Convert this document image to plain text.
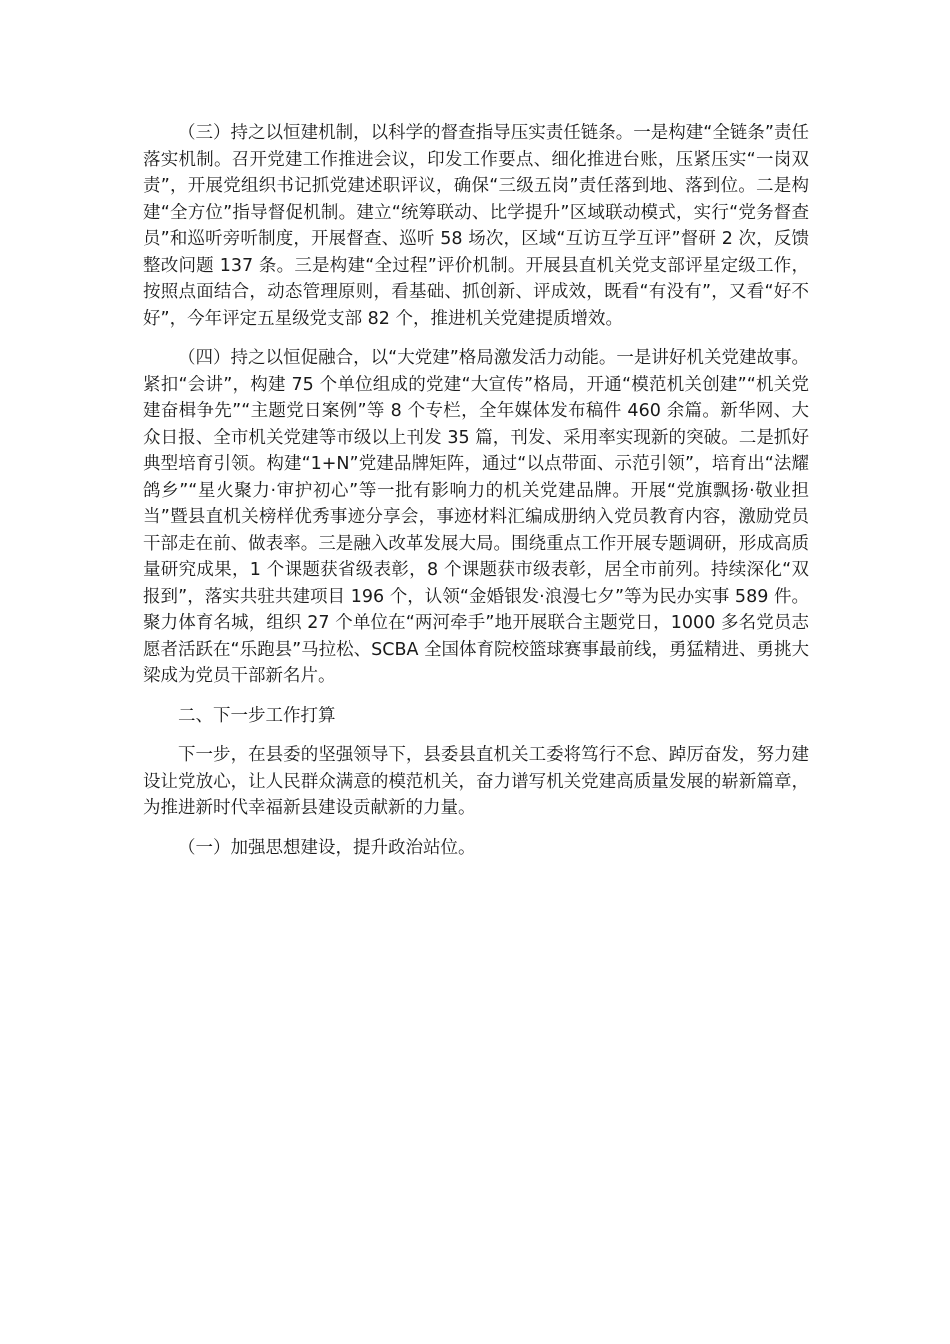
（三）持之以恒建机制，以科学的督查指导压实责任链条。一是构建“全链条”责任落实机制。召开党建工作推进会议，印发工作要点、细化推进台账，压紧压实“一岗双责”，开展党组织书记抓党建述职评议，确保“三级五岗”责任落到地、落到位。二是构建“全方位”指导督促机制。建立“统筹联动、比学提升”区域联动模式，实行“党务督查员”和巡听旁听制度，开展督查、巡听 58 场次，区域“互访互学互评”督研 2 次，反馈整改问题 137 条。三是构建“全过程”评价机制。开展县直机关党支部评星定级工作，按照点面结合，动态管理原则，看基础、抓创新、评成效，既看“有没有”，又看“好不好”，今年评定五星级党支部 82 个，推进机关党建提质增效。

（四）持之以恒促融合，以“大党建”格局激发活力动能。一是讲好机关党建故事。紧扣“会讲”，构建 75 个单位组成的党建“大宣传”格局，开通“模范机关创建”“机关党建奋楫争先”“主题党日案例”等 8 个专栏，全年媒体发布稿件 460 余篇。新华网、大众日报、全市机关党建等市级以上刊发 35 篇，刊发、采用率实现新的突破。二是抓好典型培育引领。构建“1+N”党建品牌矩阵，通过“以点带面、示范引领”，培育出“法耀鸽乡”“星火聚力·审护初心”等一批有影响力的机关党建品牌。开展“党旗飘扬·敬业担当”暨县直机关榜样优秀事迹分享会，事迹材料汇编成册纳入党员教育内容，激励党员干部走在前、做表率。三是融入改革发展大局。围绕重点工作开展专题调研，形成高质量研究成果，1 个课题获省级表彰，8 个课题获市级表彰，居全市前列。持续深化“双报到”，落实共驻共建项目 196 个，认领“金婚银发·浪漫七夕”等为民办实事 589 件。聚力体育名城，组织 27 个单位在“两河牵手”地开展联合主题党日，1000 多名党员志愿者活跃在“乐跑县”马拉松、SCBA 全国体育院校篮球赛事最前线，勇猛精进、勇挑大梁成为党员干部新名片。

二、下一步工作打算

下一步，在县委的坚强领导下，县委县直机关工委将笃行不怠、踔厉奋发，努力建设让党放心，让人民群众满意的模范机关，奋力谱写机关党建高质量发展的崭新篇章，为推进新时代幸福新县建设贡献新的力量。

（一）加强思想建设，提升政治站位。
